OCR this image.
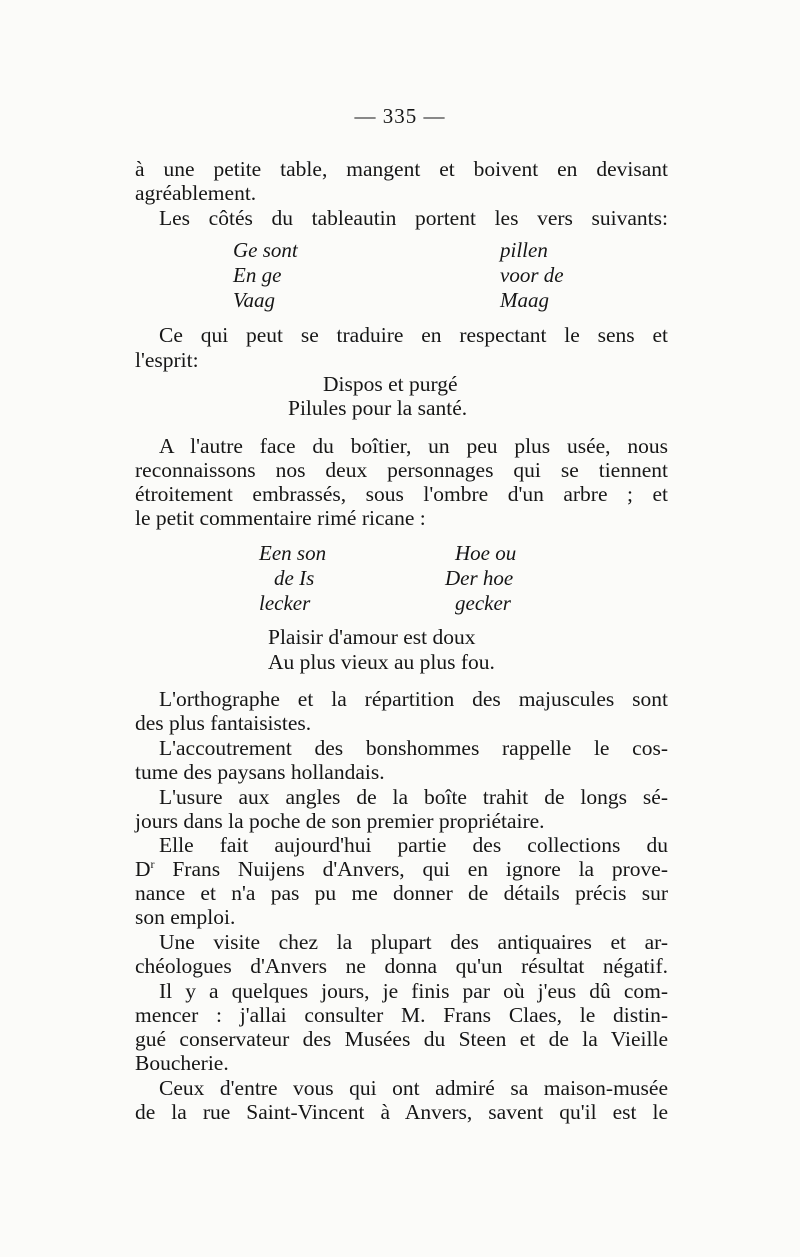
— 335 —

à une petite table, mangent et boivent en devisant

agréablement.

Les côtés du tableautin portent les vers suivants:

Ge sont
En ge
Vaag
pillen
voor de
Maag

Ce qui peut se traduire en respectant le sens et

l'esprit:

Dispos et purgé
Pilules pour la santé.

A l'autre face du boîtier, un peu plus usée, nous

reconnaissons nos deux personnages qui se tiennent

étroitement embrassés, sous l'ombre d'un arbre ; et

le petit commentaire rimé ricane :

Een son
de Is
lecker
Hoe ou
Der hoe
gecker
Plaisir d'amour est doux
Au plus vieux au plus fou.

L'orthographe et la répartition des majuscules sont

des plus fantaisistes.

L'accoutrement des bonshommes rappelle le cos-

tume des paysans hollandais.

L'usure aux angles de la boîte trahit de longs sé-

jours dans la poche de son premier propriétaire.

Elle fait aujourd'hui partie des collections du

$D^r$ Frans Nuijens d'Anvers, qui en ignore la prove-

nance et n'a pas pu me donner de détails précis sur

son emploi.

Une visite chez la plupart des antiquaires et ar-

chéologues d'Anvers ne donna qu'un résultat négatif.

Il y a quelques jours, je finis par où j'eus dû com-

mencer : j'allai consulter M. Frans Claes, le distin-

gué conservateur des Musées du Steen et de la Vieille

Boucherie.

Ceux d'entre vous qui ont admiré sa maison-musée

de la rue Saint-Vincent à Anvers, savent qu'il est le
